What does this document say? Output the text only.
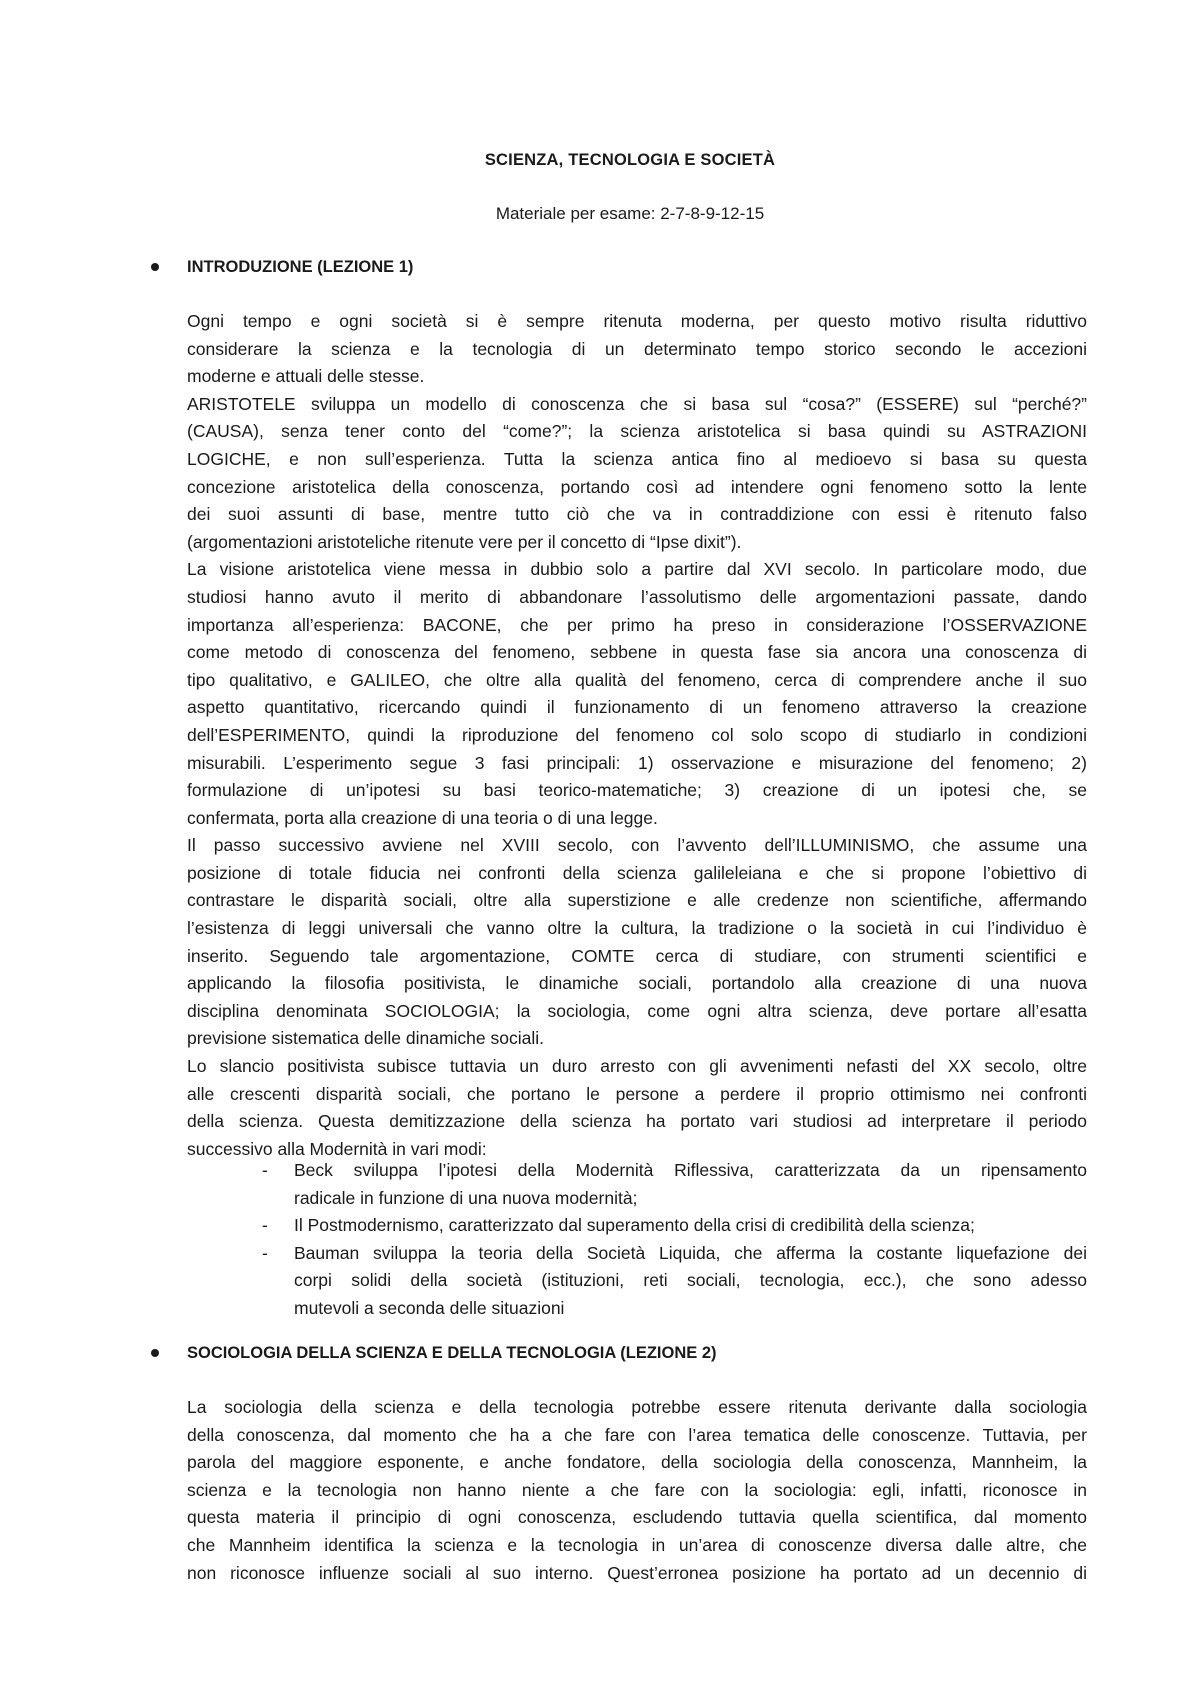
SCIENZA, TECNOLOGIA E SOCIETÀ
Materiale per esame: 2-7-8-9-12-15
INTRODUZIONE (LEZIONE 1)
Ogni tempo e ogni società si è sempre ritenuta moderna, per questo motivo risulta riduttivo
considerare la scienza e la tecnologia di un determinato tempo storico secondo le accezioni
moderne e attuali delle stesse.
ARISTOTELE sviluppa un modello di conoscenza che si basa sul “cosa?” (ESSERE) sul “perché?”
(CAUSA), senza tener conto del “come?”; la scienza aristotelica si basa quindi su ASTRAZIONI
LOGICHE, e non sull’esperienza. Tutta la scienza antica fino al medioevo si basa su questa
concezione aristotelica della conoscenza, portando così ad intendere ogni fenomeno sotto la lente
dei suoi assunti di base, mentre tutto ciò che va in contraddizione con essi è ritenuto falso
(argomentazioni aristoteliche ritenute vere per il concetto di “Ipse dixit”).
La visione aristotelica viene messa in dubbio solo a partire dal XVI secolo. In particolare modo, due
studiosi hanno avuto il merito di abbandonare l’assolutismo delle argomentazioni passate, dando
importanza all’esperienza: BACONE, che per primo ha preso in considerazione l’OSSERVAZIONE
come metodo di conoscenza del fenomeno, sebbene in questa fase sia ancora una conoscenza di
tipo qualitativo, e GALILEO, che oltre alla qualità del fenomeno, cerca di comprendere anche il suo
aspetto quantitativo, ricercando quindi il funzionamento di un fenomeno attraverso la creazione
dell’ESPERIMENTO, quindi la riproduzione del fenomeno col solo scopo di studiarlo in condizioni
misurabili. L’esperimento segue 3 fasi principali: 1) osservazione e misurazione del fenomeno; 2)
formulazione di un’ipotesi su basi teorico-matematiche; 3) creazione di un ipotesi che, se
confermata, porta alla creazione di una teoria o di una legge.
Il passo successivo avviene nel XVIII secolo, con l’avvento dell’ILLUMINISMO, che assume una
posizione di totale fiducia nei confronti della scienza galileleiana e che si propone l’obiettivo di
contrastare le disparità sociali, oltre alla superstizione e alle credenze non scientifiche, affermando
l’esistenza di leggi universali che vanno oltre la cultura, la tradizione o la società in cui l’individuo è
inserito. Seguendo tale argomentazione, COMTE cerca di studiare, con strumenti scientifici e
applicando la filosofia positivista, le dinamiche sociali, portandolo alla creazione di una nuova
disciplina denominata SOCIOLOGIA; la sociologia, come ogni altra scienza, deve portare all’esatta
previsione sistematica delle dinamiche sociali.
Lo slancio positivista subisce tuttavia un duro arresto con gli avvenimenti nefasti del XX secolo, oltre
alle crescenti disparità sociali, che portano le persone a perdere il proprio ottimismo nei confronti
della scienza. Questa demitizzazione della scienza ha portato vari studiosi ad interpretare il periodo
successivo alla Modernità in vari modi:
- Beck sviluppa l’ipotesi della Modernità Riflessiva, caratterizzata da un ripensamento
radicale in funzione di una nuova modernità;
- Il Postmodernismo, caratterizzato dal superamento della crisi di credibilità della scienza;
- Bauman sviluppa la teoria della Società Liquida, che afferma la costante liquefazione dei
corpi solidi della società (istituzioni, reti sociali, tecnologia, ecc.), che sono adesso
mutevoli a seconda delle situazioni
SOCIOLOGIA DELLA SCIENZA E DELLA TECNOLOGIA (LEZIONE 2)
La sociologia della scienza e della tecnologia potrebbe essere ritenuta derivante dalla sociologia
della conoscenza, dal momento che ha a che fare con l’area tematica delle conoscenze. Tuttavia, per
parola del maggiore esponente, e anche fondatore, della sociologia della conoscenza, Mannheim, la
scienza e la tecnologia non hanno niente a che fare con la sociologia: egli, infatti, riconosce in
questa materia il principio di ogni conoscenza, escludendo tuttavia quella scientifica, dal momento
che Mannheim identifica la scienza e la tecnologia in un’area di conoscenze diversa dalle altre, che
non riconosce influenze sociali al suo interno. Quest’erronea posizione ha portato ad un decennio di
